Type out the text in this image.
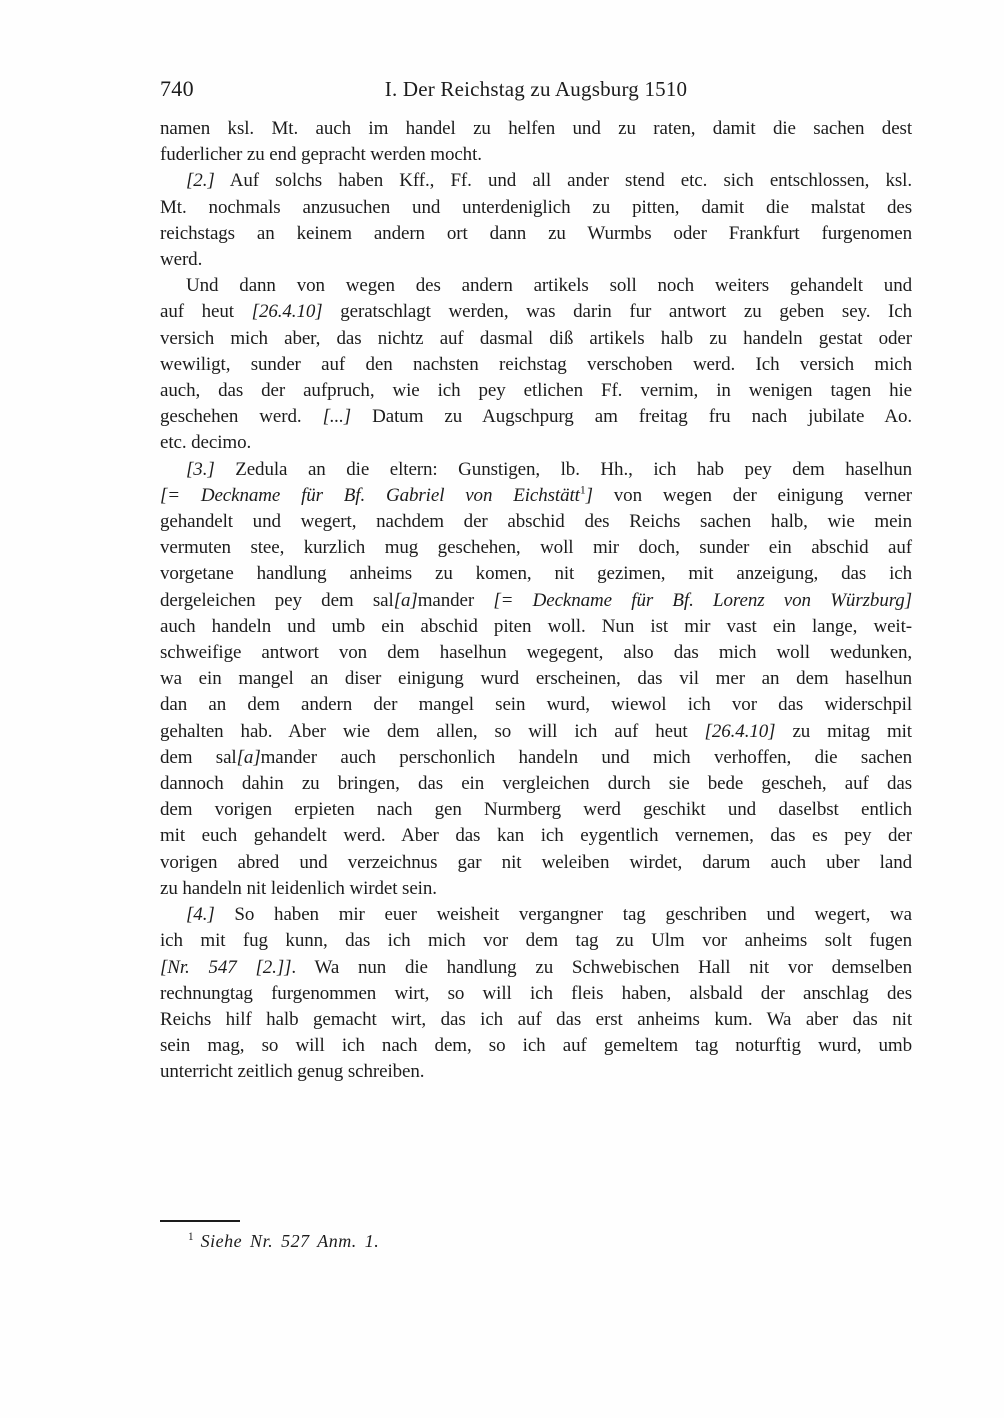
740	I. Der Reichstag zu Augsburg 1510
namen ksl. Mt. auch im handel zu helfen und zu raten, damit die sachen dest
fuderlicher zu end gepracht werden mocht.
[2.] Auf solchs haben Kff., Ff. und all ander stend etc. sich entschlossen, ksl.
Mt. nochmals anzusuchen und unterdeniglich zu pitten, damit die malstat des
reichstags an keinem andern ort dann zu Wurmbs oder Frankfurt furgenomen
werd.
Und dann von wegen des andern artikels soll noch weiters gehandelt und
auf heut [26.4.10] geratschlagt werden, was darin fur antwort zu geben sey. Ich
versich mich aber, das nichtz auf dasmal diß artikels halb zu handeln gestat oder
wewiligt, sunder auf den nachsten reichstag verschoben werd. Ich versich mich
auch, das der aufpruch, wie ich pey etlichen Ff. vernim, in wenigen tagen hie
geschehen werd. [...] Datum zu Augschpurg am freitag fru nach jubilate Ao.
etc. decimo.
[3.] Zedula an die eltern: Gunstigen, lb. Hh., ich hab pey dem haselhun
[= Deckname für Bf. Gabriel von Eichstätt$^1$] von wegen der einigung verner
gehandelt und wegert, nachdem der abschid des Reichs sachen halb, wie mein
vermuten stee, kurzlich mug geschehen, woll mir doch, sunder ein abschid auf
vorgetane handlung anheims zu komen, nit gezimen, mit anzeigung, das ich
dergeleichen pey dem sal[a]mander [= Deckname für Bf. Lorenz von Würzburg]
auch handeln und umb ein abschid piten woll. Nun ist mir vast ein lange, weit-
schweifige antwort von dem haselhun wegegent, also das mich woll wedunken,
wa ein mangel an diser einigung wurd erscheinen, das vil mer an dem haselhun
dan an dem andern der mangel sein wurd, wiewol ich vor das widerschpil
gehalten hab. Aber wie dem allen, so will ich auf heut [26.4.10] zu mitag mit
dem sal[a]mander auch perschonlich handeln und mich verhoffen, die sachen
dannoch dahin zu bringen, das ein vergleichen durch sie bede gescheh, auf das
dem vorigen erpieten nach gen Nurmberg werd geschikt und daselbst entlich
mit euch gehandelt werd. Aber das kan ich eygentlich vernemen, das es pey der
vorigen abred und verzeichnus gar nit weleiben wirdet, darum auch uber land
zu handeln nit leidenlich wirdet sein.
[4.] So haben mir euer weisheit vergangner tag geschriben und wegert, wa
ich mit fug kunn, das ich mich vor dem tag zu Ulm vor anheims solt fugen
[Nr. 547 [2.]]. Wa nun die handlung zu Schwebischen Hall nit vor demselben
rechnungtag furgenommen wirt, so will ich fleis haben, alsbald der anschlag des
Reichs hilf halb gemacht wirt, das ich auf das erst anheims kum. Wa aber das nit
sein mag, so will ich nach dem, so ich auf gemeltem tag noturftig wurd, umb
unterricht zeitlich genug schreiben.
$^1$ Siehe Nr. 527 Anm. 1.
